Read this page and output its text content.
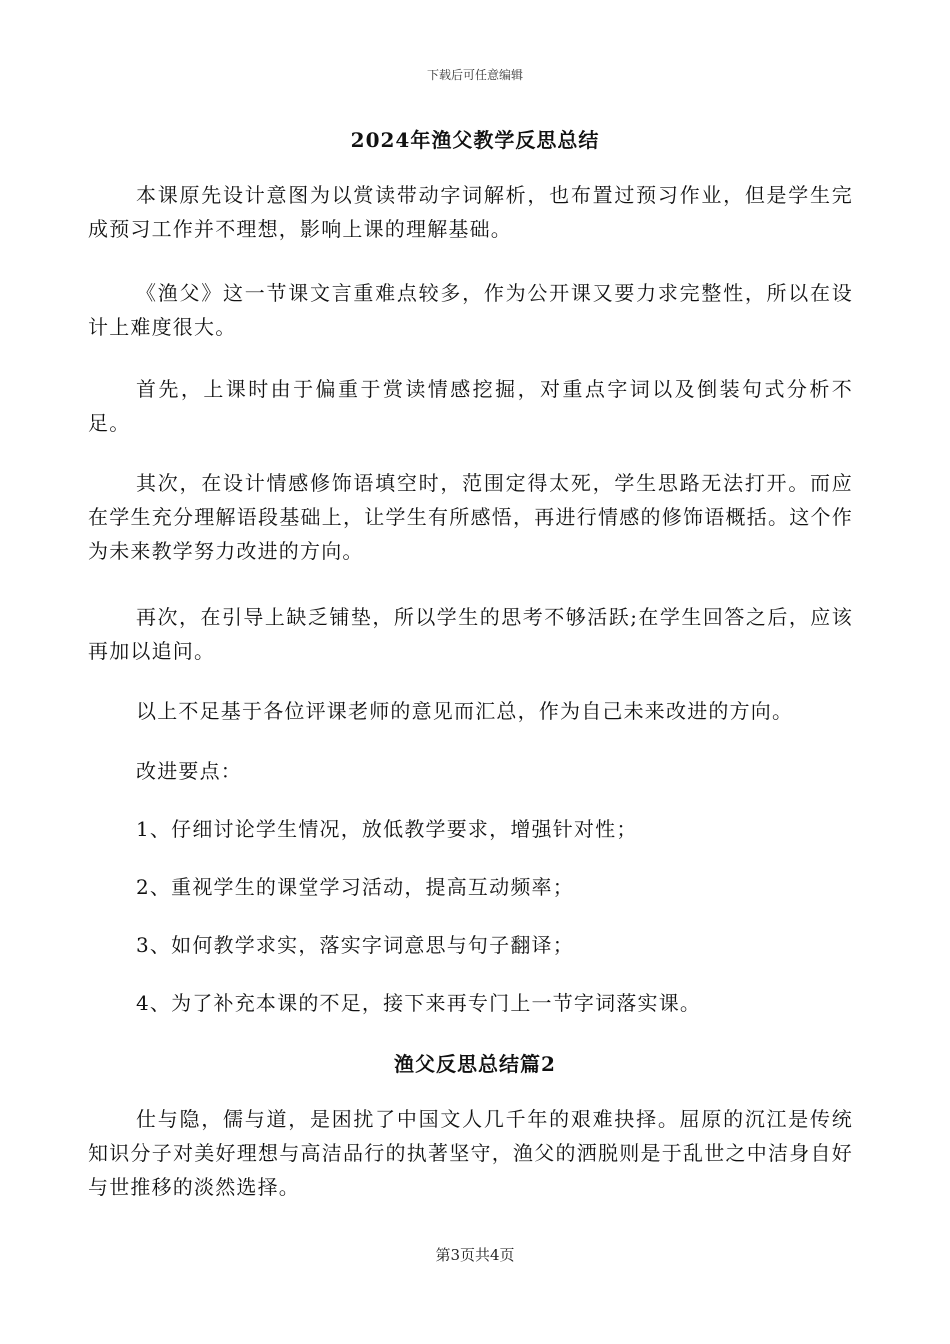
下载后可任意编辑
2024年渔父教学反思总结
本课原先设计意图为以赏读带动字词解析，也布置过预习作业，但是学生完成预习工作并不理想，影响上课的理解基础。
《渔父》这一节课文言重难点较多，作为公开课又要力求完整性，所以在设计上难度很大。
首先，上课时由于偏重于赏读情感挖掘，对重点字词以及倒装句式分析不足。
其次，在设计情感修饰语填空时，范围定得太死，学生思路无法打开。而应在学生充分理解语段基础上，让学生有所感悟，再进行情感的修饰语概括。这个作为未来教学努力改进的方向。
再次，在引导上缺乏铺垫，所以学生的思考不够活跃;在学生回答之后，应该再加以追问。
以上不足基于各位评课老师的意见而汇总，作为自己未来改进的方向。
改进要点：
1、仔细讨论学生情况，放低教学要求，增强针对性；
2、重视学生的课堂学习活动，提高互动频率；
3、如何教学求实，落实字词意思与句子翻译；
4、为了补充本课的不足，接下来再专门上一节字词落实课。
渔父反思总结篇2
仕与隐，儒与道，是困扰了中国文人几千年的艰难抉择。屈原的沉江是传统知识分子对美好理想与高洁品行的执著坚守，渔父的洒脱则是于乱世之中洁身自好与世推移的淡然选择。
第3页共4页
